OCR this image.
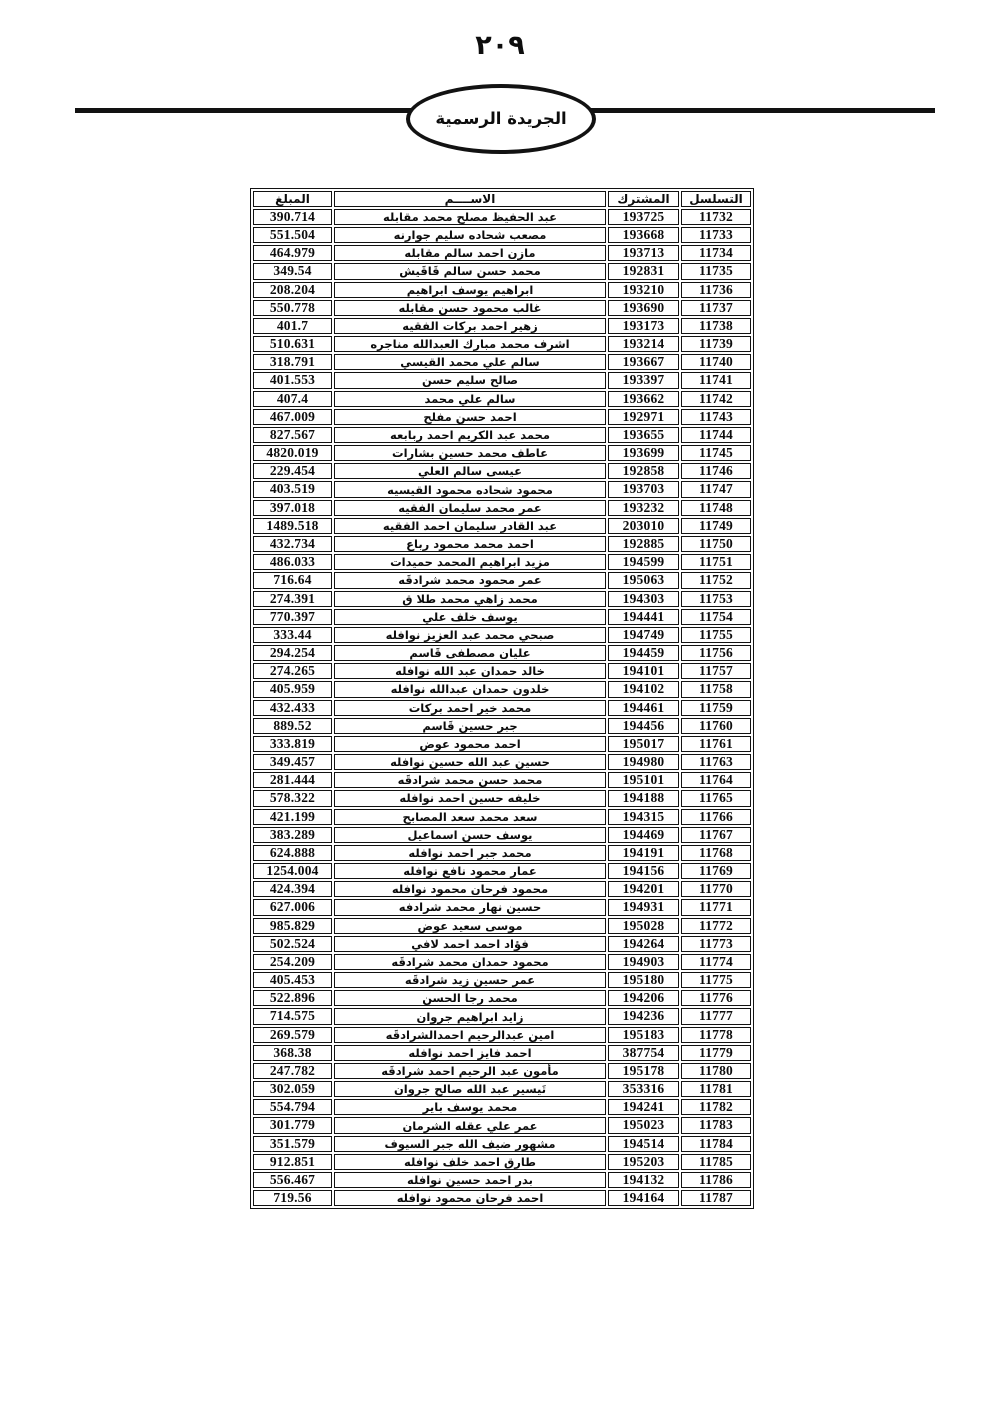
٢٠٩
الجريدة الرسمية
التسلسل	المشترك	الاســــم	المبلغ
11732	193725	عبد الحفيظ مصلح محمد مقابله	390.714
11733	193668	مصعب شحاده سليم جوارنه	551.504
11734	193713	مازن احمد سالم مقابله	464.979
11735	192831	محمد حسن سالم قَاقَيش	349.54
11736	193210	ابراهيم يوسف ابراهيم	208.204
11737	193690	غالب محمود حسن مقابله	550.778
11738	193173	زهير احمد بركات الفقيه	401.7
11739	193214	اشرف محمد مبارك العبدالله مناجره	510.631
11740	193667	سالم علي محمد القيسي	318.791
11741	193397	صالح سليم حسن	401.553
11742	193662	سالم علي محمد	407.4
11743	192971	احمد حسن مفلح	467.009
11744	193655	محمد عبد الكريم احمد ربابعه	827.567
11745	193699	عاطف محمد حسين بشارات	4820.019
11746	192858	عيسى سالم العلي	229.454
11747	193703	محمود شحاده محمود القيسيه	403.519
11748	193232	عمر محمد سليمان الفقيه	397.018
11749	203010	عبد القادر سليمان احمد الفقيه	1489.518
11750	192885	احمد محمد محمود رباع	432.734
11751	194599	مزيد ابراهيم المحمد حميدات	486.033
11752	195063	عمر محمود محمد شرادقَه	716.64
11753	194303	محمد زاهي محمد طلا ق	274.391
11754	194441	يوسف خلف علي	770.397
11755	194749	صبحي محمد عبد العزيز نوافله	333.44
11756	194459	عليان مصطفى قَاسم	294.254
11757	194101	خالد حمدان عبد الله نوافله	274.265
11758	194102	خلدون حمدان عبدالله نوافله	405.959
11759	194461	محمد خير احمد بركات	432.433
11760	194456	جبر حسين قَاسم	889.52
11761	195017	احمد محمود عوض	333.819
11763	194980	حسين عبد الله حسين نوافله	349.457
11764	195101	محمد حسن محمد شرادقَه	281.444
11765	194188	خليفه حسين احمد نوافله	578.322
11766	194315	سعد محمد سعد المصابح	421.199
11767	194469	يوسف حسن اسماعيل	383.289
11768	194191	محمد جبر احمد نوافله	624.888
11769	194156	عمار محمود نافع نوافله	1254.004
11770	194201	محمود فرحان محمود نوافله	424.394
11771	194931	حسين نهار محمد شرادفه	627.006
11772	195028	موسى سعيد عوض	985.829
11773	194264	فؤاد احمد احمد لافي	502.524
11774	194903	محمود حمدان محمد شرادقَه	254.209
11775	195180	عمر حسين زيد شرادقَه	405.453
11776	194206	محمد رجا الحسن	522.896
11777	194236	زايد ابراهيم جروان	714.575
11778	195183	امين عبدالرحيم احمدالشرادقَه	269.579
11779	387754	احمد فايز احمد نوافله	368.38
11780	195178	مأمون عبد الرحيم احمد شرادقَه	247.782
11781	353316	تَيسير عبد الله صالح جروان	302.059
11782	194241	محمد يوسف باير	554.794
11783	195023	عمر علي عقله الشرمان	301.779
11784	194514	مشهور ضيف الله جبر السيوف	351.579
11785	195203	طارق احمد خلف نوافله	912.851
11786	194132	بدر احمد حسين نوافله	556.467
11787	194164	احمد فرحان محمود نوافله	719.56
